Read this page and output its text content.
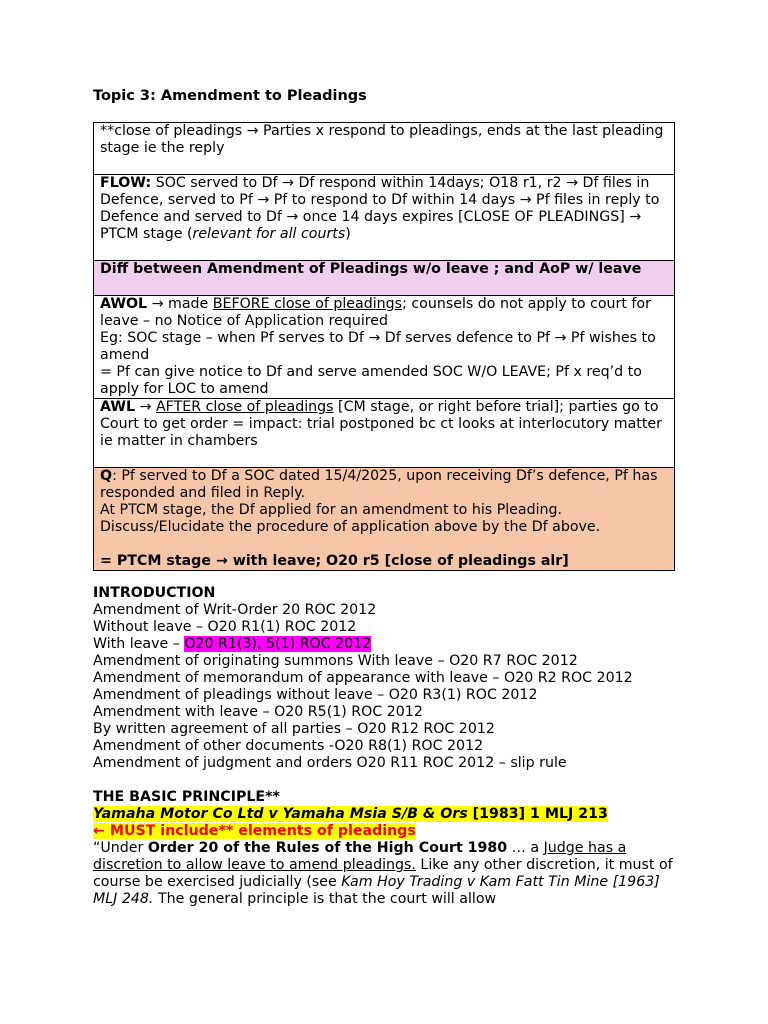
Topic 3: Amendment to Pleadings
**close of pleadings → Parties x respond to pleadings, ends at the last pleading stage ie the reply
FLOW: SOC served to Df → Df respond within 14days; O18 r1, r2 → Df files in Defence, served to Pf → Pf to respond to Df within 14 days → Pf files in reply to Defence and served to Df → once 14 days expires [CLOSE OF PLEADINGS] → PTCM stage (relevant for all courts)
Diff between Amendment of Pleadings w/o leave ; and AoP w/ leave
AWOL → made BEFORE close of pleadings; counsels do not apply to court for leave – no Notice of Application required
Eg: SOC stage – when Pf serves to Df → Df serves defence to Pf → Pf wishes to amend
= Pf can give notice to Df and serve amended SOC W/O LEAVE; Pf x req’d to apply for LOC to amend
AWL → AFTER close of pleadings [CM stage, or right before trial]; parties go to Court to get order = impact: trial postponed bc ct looks at interlocutory matter ie matter in chambers
Q: Pf served to Df a SOC dated 15/4/2025, upon receiving Df’s defence, Pf has responded and filed in Reply.
At PTCM stage, the Df applied for an amendment to his Pleading. Discuss/Elucidate the procedure of application above by the Df above.

= PTCM stage → with leave; O20 r5 [close of pleadings alr]
INTRODUCTION
Amendment of Writ-Order 20 ROC 2012
Without leave – O20 R1(1) ROC 2012
With leave – O20 R1(3), 5(1) ROC 2012
Amendment of originating summons With leave – O20 R7 ROC 2012
Amendment of memorandum of appearance with leave – O20 R2 ROC 2012
Amendment of pleadings without leave – O20 R3(1) ROC 2012
Amendment with leave – O20 R5(1) ROC 2012
By written agreement of all parties – O20 R12 ROC 2012
Amendment of other documents -O20 R8(1) ROC 2012
Amendment of judgment and orders O20 R11 ROC 2012 – slip rule
THE BASIC PRINCIPLE**
Yamaha Motor Co Ltd v Yamaha Msia S/B & Ors [1983] 1 MLJ 213
← MUST include** elements of pleadings
“Under Order 20 of the Rules of the High Court 1980 … a Judge has a discretion to allow leave to amend pleadings. Like any other discretion, it must of course be exercised judicially (see Kam Hoy Trading v Kam Fatt Tin Mine [1963] MLJ 248. The general principle is that the court will allow
